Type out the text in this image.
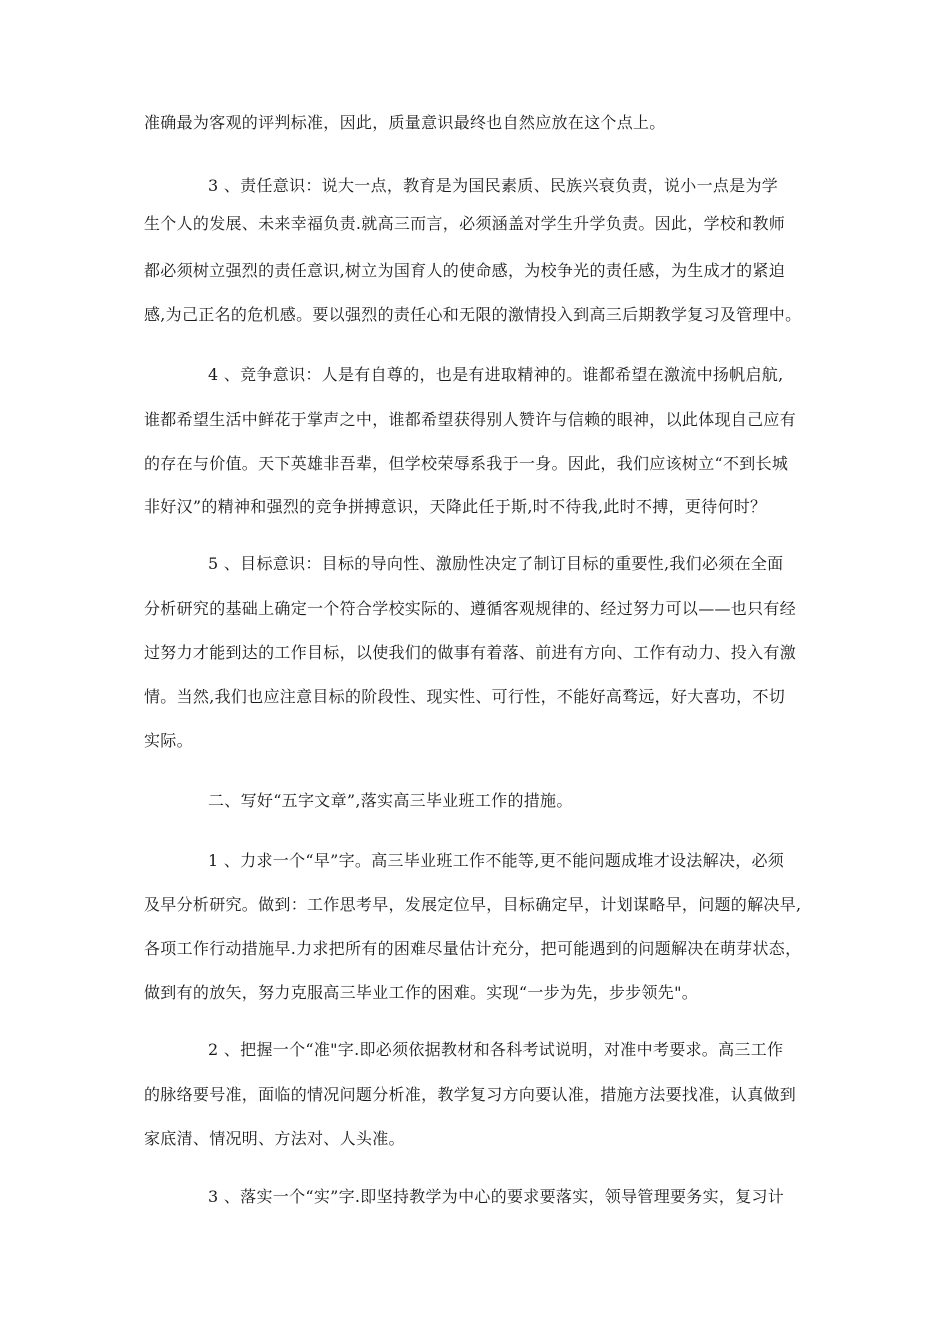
准确最为客观的评判标准，因此，质量意识最终也自然应放在这个点上。

3 、责任意识：说大一点，教育是为国民素质、民族兴衰负责，说小一点是为学

生个人的发展、未来幸福负责.就高三而言，必须涵盖对学生升学负责。因此，学校和教师

都必须树立强烈的责任意识,树立为国育人的使命感，为校争光的责任感，为生成才的紧迫

感,为己正名的危机感。要以强烈的责任心和无限的激情投入到高三后期教学复习及管理中。

4 、竞争意识：人是有自尊的，也是有进取精神的。谁都希望在激流中扬帆启航,

谁都希望生活中鲜花于掌声之中，谁都希望获得别人赞许与信赖的眼神，以此体现自己应有

的存在与价值。天下英雄非吾辈，但学校荣辱系我于一身。因此，我们应该树立“不到长城

非好汉”的精神和强烈的竞争拼搏意识，天降此任于斯,时不待我,此时不搏，更待何时？

5 、目标意识：目标的导向性、激励性决定了制订目标的重要性,我们必须在全面

分析研究的基础上确定一个符合学校实际的、遵循客观规律的、经过努力可以——也只有经

过努力才能到达的工作目标，以使我们的做事有着落、前进有方向、工作有动力、投入有激

情。当然,我们也应注意目标的阶段性、现实性、可行性，不能好高骛远，好大喜功，不切

实际。

二、写好“五字文章”,落实高三毕业班工作的措施。

1 、力求一个“早”字。高三毕业班工作不能等,更不能问题成堆才设法解决，必须

及早分析研究。做到：工作思考早，发展定位早，目标确定早，计划谋略早，问题的解决早,

各项工作行动措施早.力求把所有的困难尽量估计充分，把可能遇到的问题解决在萌芽状态，

做到有的放矢，努力克服高三毕业工作的困难。实现“一步为先，步步领先"。

2 、把握一个“准"字.即必须依据教材和各科考试说明，对准中考要求。高三工作

的脉络要号准，面临的情况问题分析准，教学复习方向要认准，措施方法要找准，认真做到

家底清、情况明、方法对、人头准。

3 、落实一个“实”字.即坚持教学为中心的要求要落实，领导管理要务实，复习计
